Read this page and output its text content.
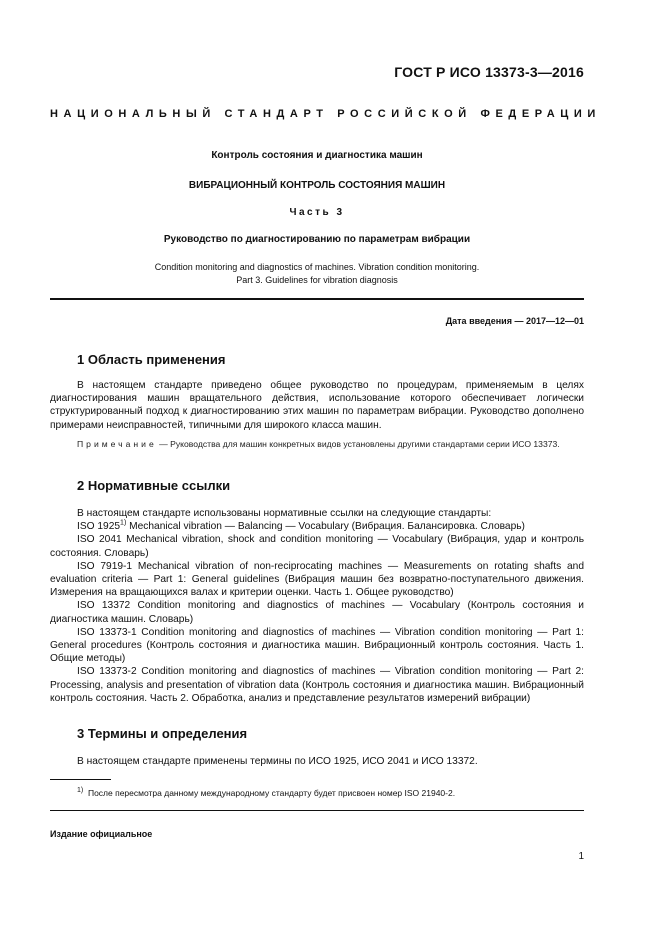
ГОСТ Р ИСО 13373-3—2016
НАЦИОНАЛЬНЫЙ СТАНДАРТ РОССИЙСКОЙ ФЕДЕРАЦИИ
Контроль состояния и диагностика машин
ВИБРАЦИОННЫЙ КОНТРОЛЬ СОСТОЯНИЯ МАШИН
Часть 3
Руководство по диагностированию по параметрам вибрации
Condition monitoring and diagnostics of machines. Vibration condition monitoring.
Part 3. Guidelines for vibration diagnosis
Дата введения — 2017—12—01
1 Область применения

В настоящем стандарте приведено общее руководство по процедурам, применяемым в целях диагностирования машин вращательного действия, использование которого обеспечивает логически структурированный подход к диагностированию этих машин по параметрам вибрации. Руководство дополнено примерами неисправностей, типичными для широкого класса машин.

Примечание — Руководства для машин конкретных видов установлены другими стандартами серии ИСО 13373.

2 Нормативные ссылки

В настоящем стандарте использованы нормативные ссылки на следующие стандарты:

ISO 1925$^{1)}$ Mechanical vibration — Balancing — Vocabulary (Вибрация. Балансировка. Словарь)

ISO 2041 Mechanical vibration, shock and condition monitoring — Vocabulary (Вибрация, удар и контроль состояния. Словарь)

ISO 7919-1 Mechanical vibration of non-reciprocating machines — Measurements on rotating shafts and evaluation criteria — Part 1: General guidelines (Вибрация машин без возвратно-поступательного движения. Измерения на вращающихся валах и критерии оценки. Часть 1. Общее руководство)

ISO 13372 Condition monitoring and diagnostics of machines — Vocabulary (Контроль состояния и диагностика машин. Словарь)

ISO 13373-1 Condition monitoring and diagnostics of machines — Vibration condition monitoring — Part 1: General procedures (Контроль состояния и диагностика машин. Вибрационный контроль состояния. Часть 1. Общие методы)

ISO 13373-2 Condition monitoring and diagnostics of machines — Vibration condition monitoring — Part 2: Processing, analysis and presentation of vibration data (Контроль состояния и диагностика машин. Вибрационный контроль состояния. Часть 2. Обработка, анализ и представление результатов измерений вибрации)

3 Термины и определения

В настоящем стандарте применены термины по ИСО 1925, ИСО 2041 и ИСО 13372.

$^{1)}$ После пересмотра данному международному стандарту будет присвоен номер ISO 21940-2.
Издание официальное
1
